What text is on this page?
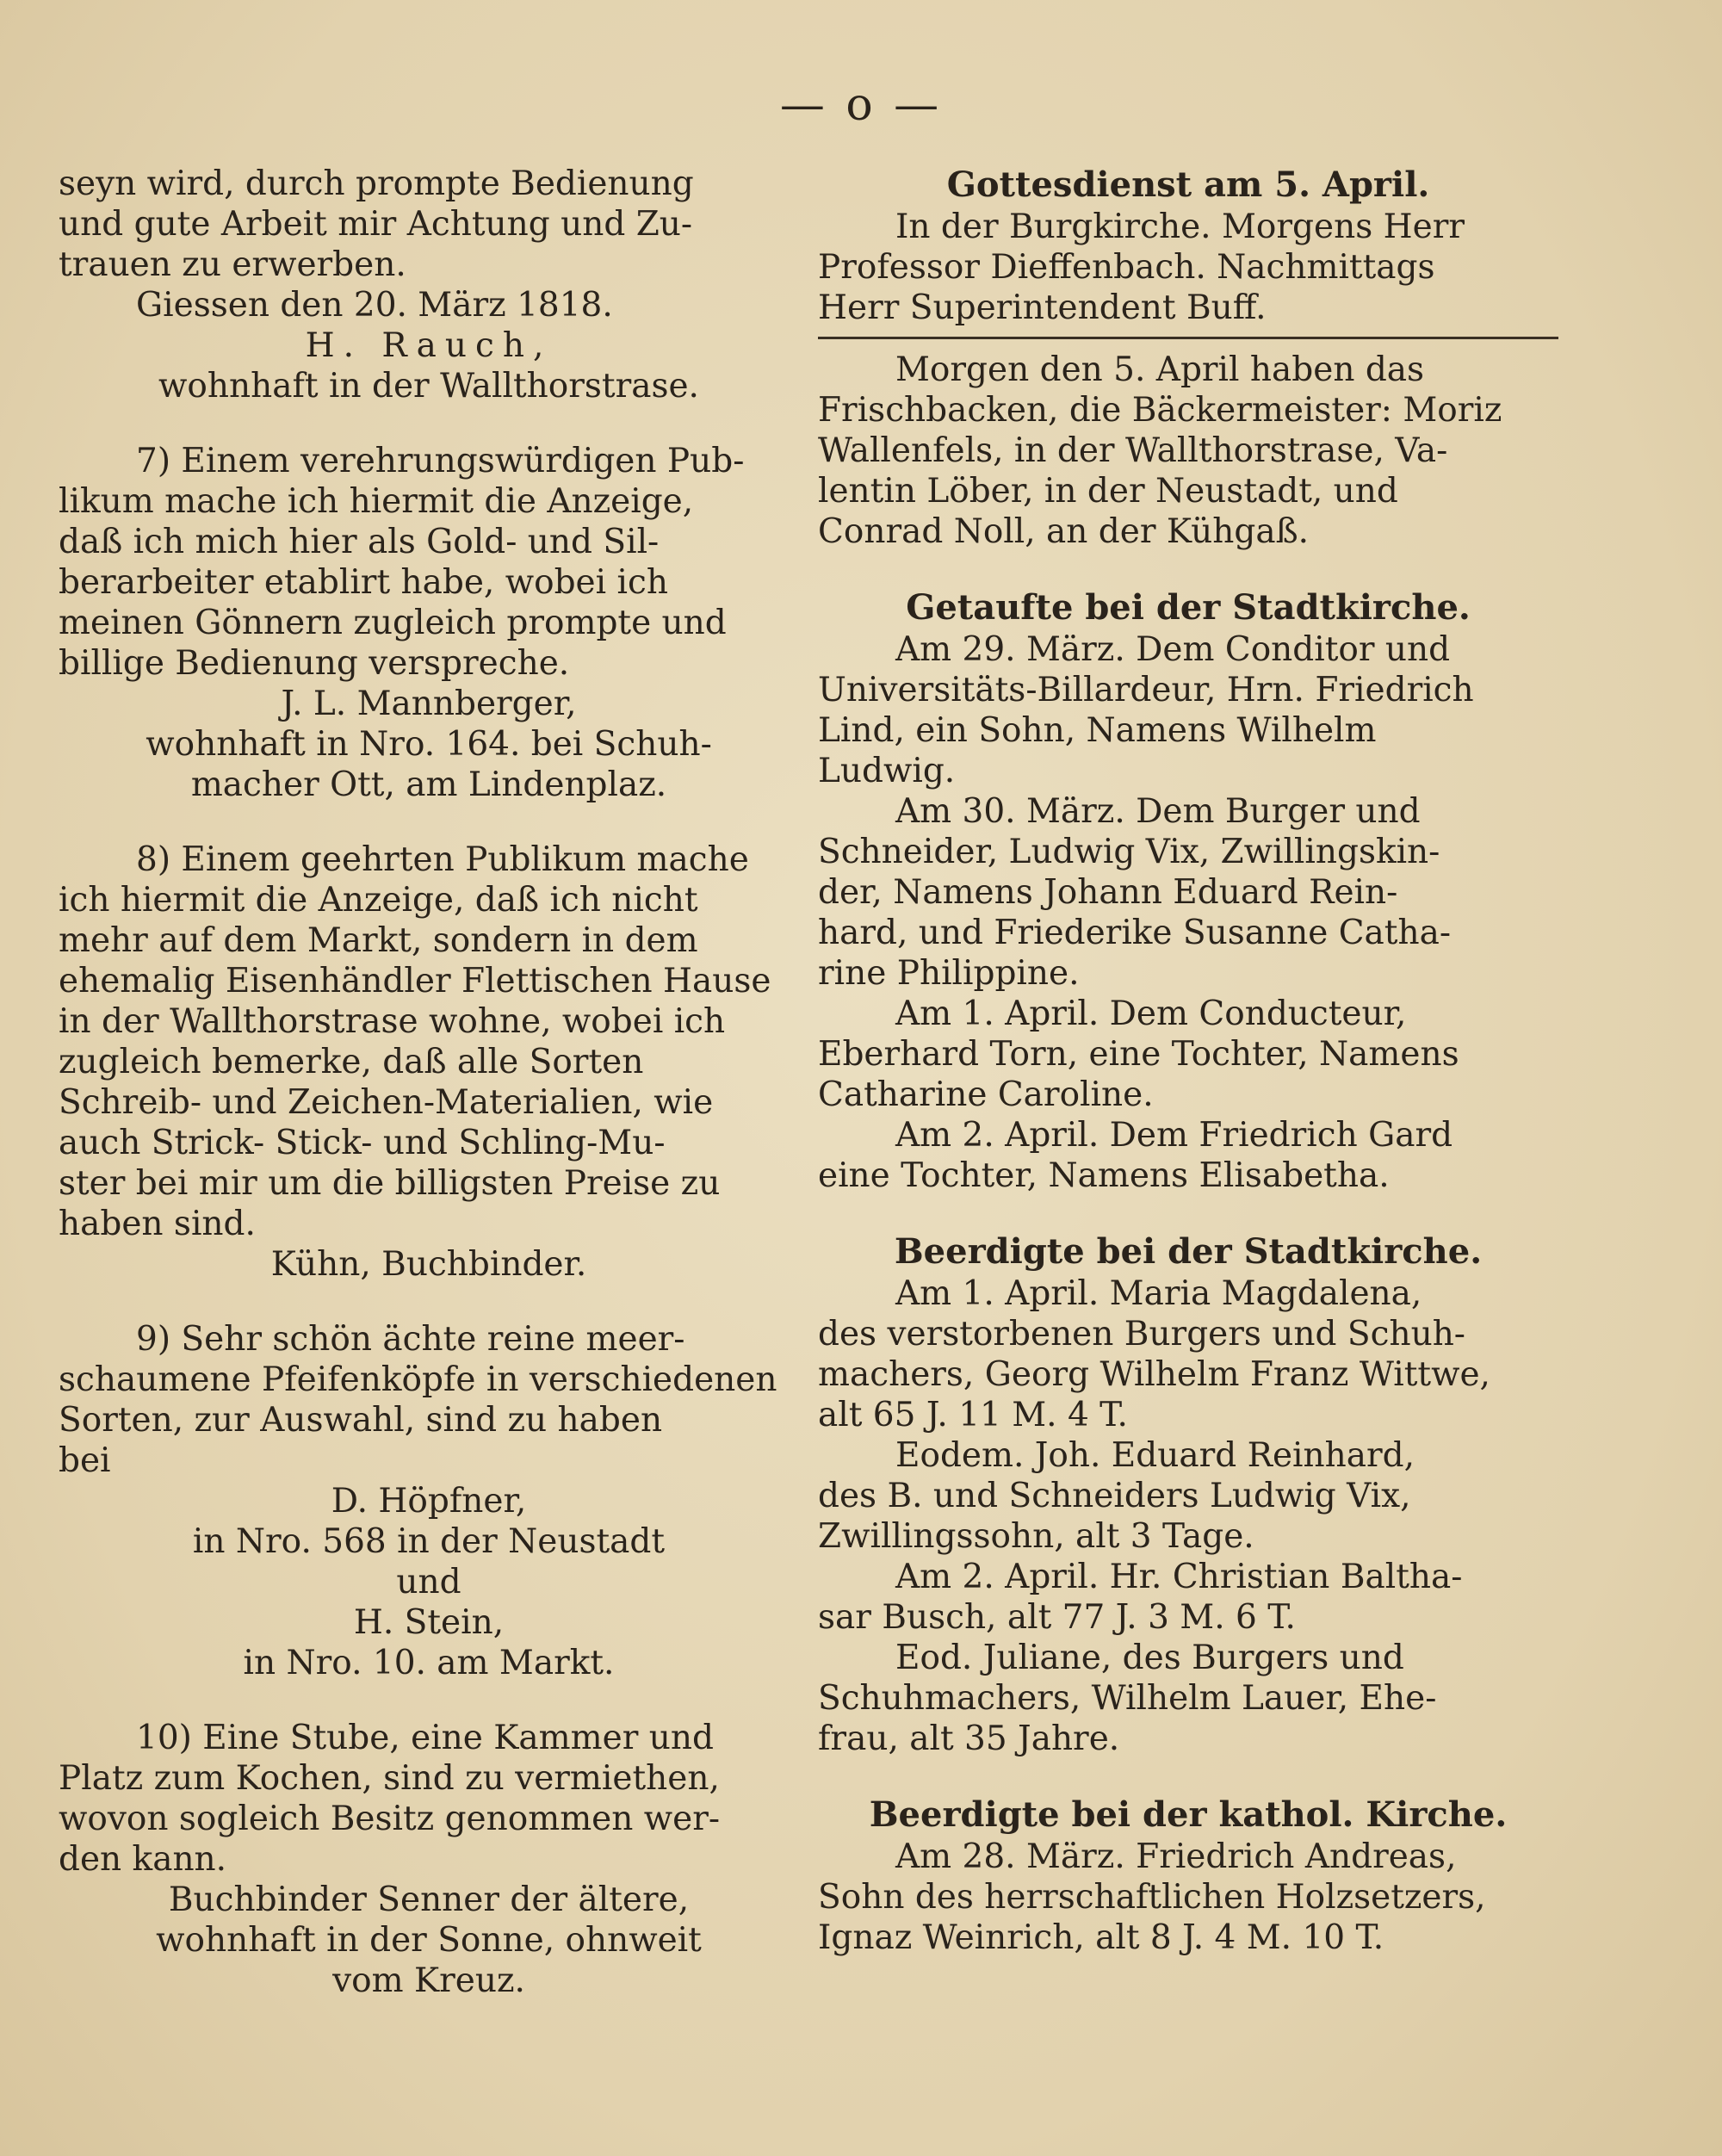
— o —

seyn wird, durch prompte Bedienung

und gute Arbeit mir Achtung und Zu-

trauen zu erwerben.

Giessen den 20. März 1818.

H. Rauch,

wohnhaft in der Wallthorstrase.

7) Einem verehrungswürdigen Pub-

likum mache ich hiermit die Anzeige,

daß ich mich hier als Gold- und Sil-

berarbeiter etablirt habe, wobei ich

meinen Gönnern zugleich prompte und

billige Bedienung verspreche.

J. L. Mannberger,

wohnhaft in Nro. 164. bei Schuh-

macher Ott, am Lindenplaz.

8) Einem geehrten Publikum mache

ich hiermit die Anzeige, daß ich nicht

mehr auf dem Markt, sondern in dem

ehemalig Eisenhändler Flettischen Hause

in der Wallthorstrase wohne, wobei ich

zugleich bemerke, daß alle Sorten

Schreib- und Zeichen-Materialien, wie

auch Strick- Stick- und Schling-Mu-

ster bei mir um die billigsten Preise zu

haben sind.

Kühn, Buchbinder.

9) Sehr schön ächte reine meer-

schaumene Pfeifenköpfe in verschiedenen

Sorten, zur Auswahl, sind zu haben

bei

D. Höpfner,

in Nro. 568 in der Neustadt

und

H. Stein,

in Nro. 10. am Markt.

10) Eine Stube, eine Kammer und

Platz zum Kochen, sind zu vermiethen,

wovon sogleich Besitz genommen wer-

den kann.

Buchbinder Senner der ältere,

wohnhaft in der Sonne, ohnweit

vom Kreuz.

Gottesdienst am 5. April.

In der Burgkirche. Morgens Herr

Professor Dieffenbach. Nachmittags

Herr Superintendent Buff.

Morgen den 5. April haben das

Frischbacken, die Bäckermeister: Moriz

Wallenfels, in der Wallthorstrase, Va-

lentin Löber, in der Neustadt, und

Conrad Noll, an der Kühgaß.

Getaufte bei der Stadtkirche.

Am 29. März. Dem Conditor und

Universitäts-Billardeur, Hrn. Friedrich

Lind, ein Sohn, Namens Wilhelm

Ludwig.

Am 30. März. Dem Burger und

Schneider, Ludwig Vix, Zwillingskin-

der, Namens Johann Eduard Rein-

hard, und Friederike Susanne Catha-

rine Philippine.

Am 1. April. Dem Conducteur,

Eberhard Torn, eine Tochter, Namens

Catharine Caroline.

Am 2. April. Dem Friedrich Gard

eine Tochter, Namens Elisabetha.

Beerdigte bei der Stadtkirche.

Am 1. April. Maria Magdalena,

des verstorbenen Burgers und Schuh-

machers, Georg Wilhelm Franz Wittwe,

alt 65 J. 11 M. 4 T.

Eodem. Joh. Eduard Reinhard,

des B. und Schneiders Ludwig Vix,

Zwillingssohn, alt 3 Tage.

Am 2. April. Hr. Christian Baltha-

sar Busch, alt 77 J. 3 M. 6 T.

Eod. Juliane, des Burgers und

Schuhmachers, Wilhelm Lauer, Ehe-

frau, alt 35 Jahre.

Beerdigte bei der kathol. Kirche.

Am 28. März. Friedrich Andreas,

Sohn des herrschaftlichen Holzsetzers,

Ignaz Weinrich, alt 8 J. 4 M. 10 T.
